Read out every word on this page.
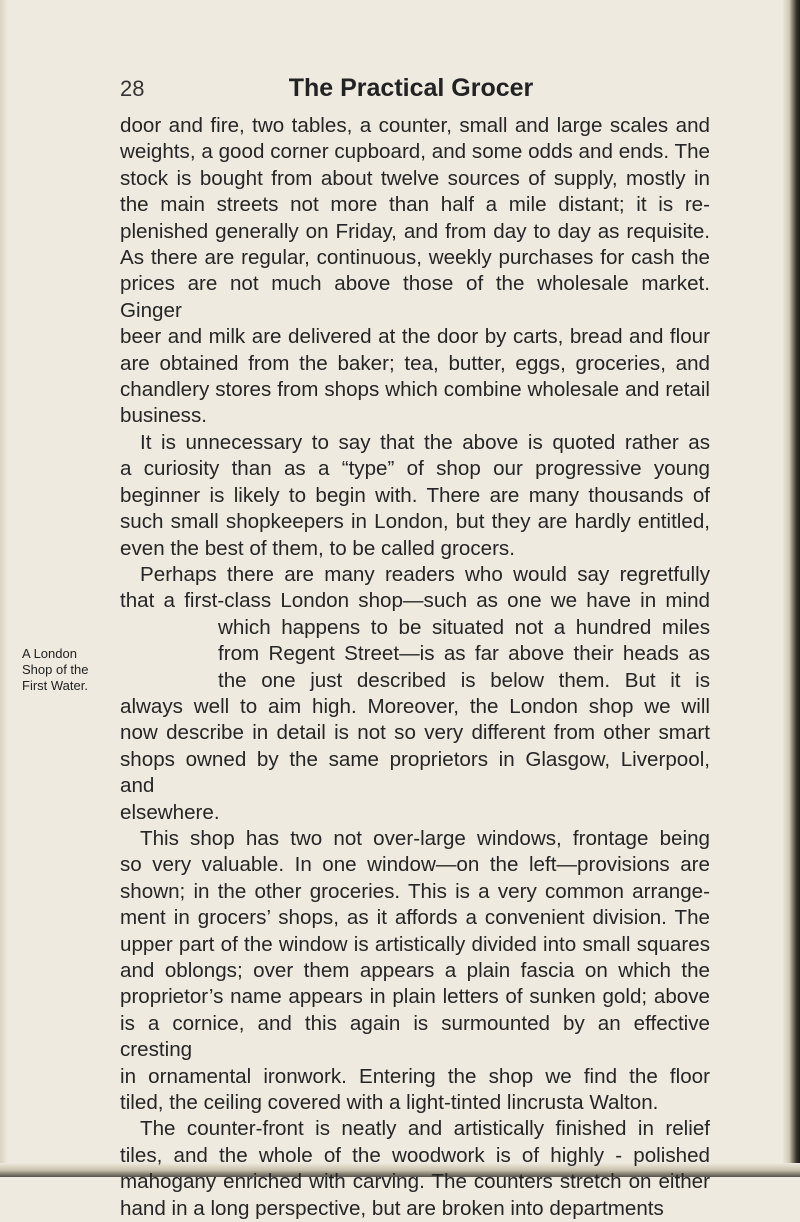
28	The Practical Grocer
A London
Shop of the
First Water.

door and fire, two tables, a counter, small and large scales and
weights, a good corner cupboard, and some odds and ends. The
stock is bought from about twelve sources of supply, mostly in
the main streets not more than half a mile distant; it is re-
plenished generally on Friday, and from day to day as requisite.
As there are regular, continuous, weekly purchases for cash the
prices are not much above those of the wholesale market. Ginger
beer and milk are delivered at the door by carts, bread and flour
are obtained from the baker; tea, butter, eggs, groceries, and
chandlery stores from shops which combine wholesale and retail
business.

It is unnecessary to say that the above is quoted rather as
a curiosity than as a “type” of shop our progressive young
beginner is likely to begin with. There are many thousands of
such small shopkeepers in London, but they are hardly entitled,
even the best of them, to be called grocers.

Perhaps there are many readers who would say regretfully
that a first-class London shop—such as one we have in mind
which happens to be situated not a hundred miles
from Regent Street—is as far above their heads as
the one just described is below them. But it is
always well to aim high. Moreover, the London shop we will
now describe in detail is not so very different from other smart
shops owned by the same proprietors in Glasgow, Liverpool, and
elsewhere.

This shop has two not over-large windows, frontage being
so very valuable. In one window—on the left—provisions are
shown; in the other groceries. This is a very common arrange-
ment in grocers’ shops, as it affords a convenient division. The
upper part of the window is artistically divided into small squares
and oblongs; over them appears a plain fascia on which the
proprietor’s name appears in plain letters of sunken gold; above
is a cornice, and this again is surmounted by an effective cresting
in ornamental ironwork. Entering the shop we find the floor
tiled, the ceiling covered with a light-tinted lincrusta Walton.

The counter-front is neatly and artistically finished in relief
tiles, and the whole of the woodwork is of highly - polished
mahogany enriched with carving. The counters stretch on either
hand in a long perspective, but are broken into departments
